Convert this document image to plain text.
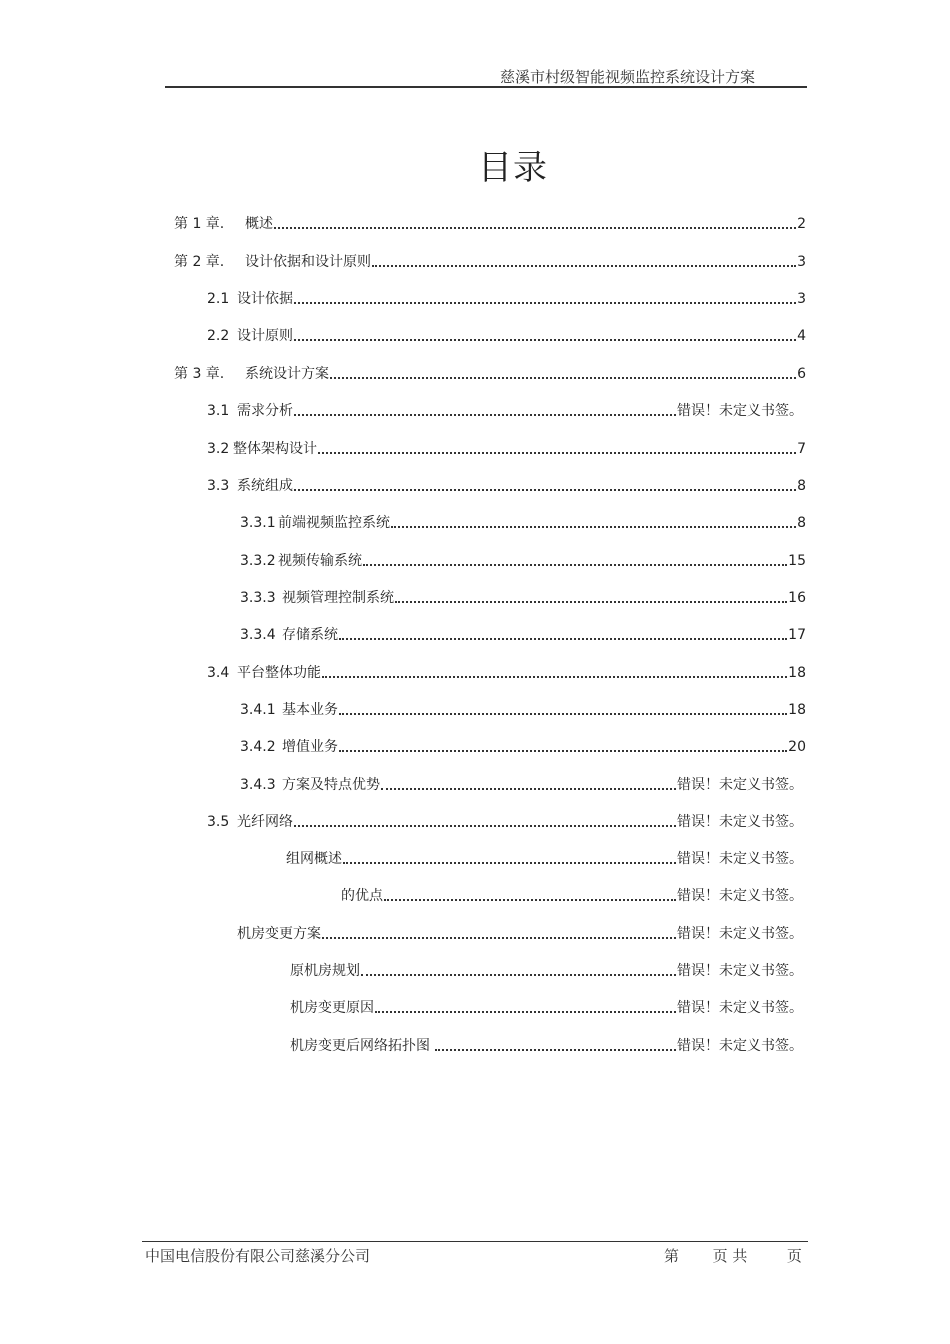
慈溪市村级智能视频监控系统设计方案
目录
第 1 章.	概述	2
第 2 章.	设计依据和设计原则	3
2.1 设计依据	3
2.2 设计原则	4
第 3 章.	系统设计方案	6
3.1 需求分析	错误！未定义书签。
3.2 整体架构设计	7
3.3 系统组成	8
3.3.1 前端视频监控系统	8
3.3.2 视频传输系统	15
3.3.3 视频管理控制系统	16
3.3.4 存储系统	17
3.4 平台整体功能	18
3.4.1 基本业务	18
3.4.2 增值业务	20
3.4.3 方案及特点优势	错误！未定义书签。
3.5 光纤网络	错误！未定义书签。
组网概述	错误！未定义书签。
的优点	错误！未定义书签。
机房变更方案	错误！未定义书签。
原机房规划	错误！未定义书签。
机房变更原因	错误！未定义书签。
机房变更后网络拓扑图	错误！未定义书签。
中国电信股份有限公司慈溪分公司	第 页 共	页
